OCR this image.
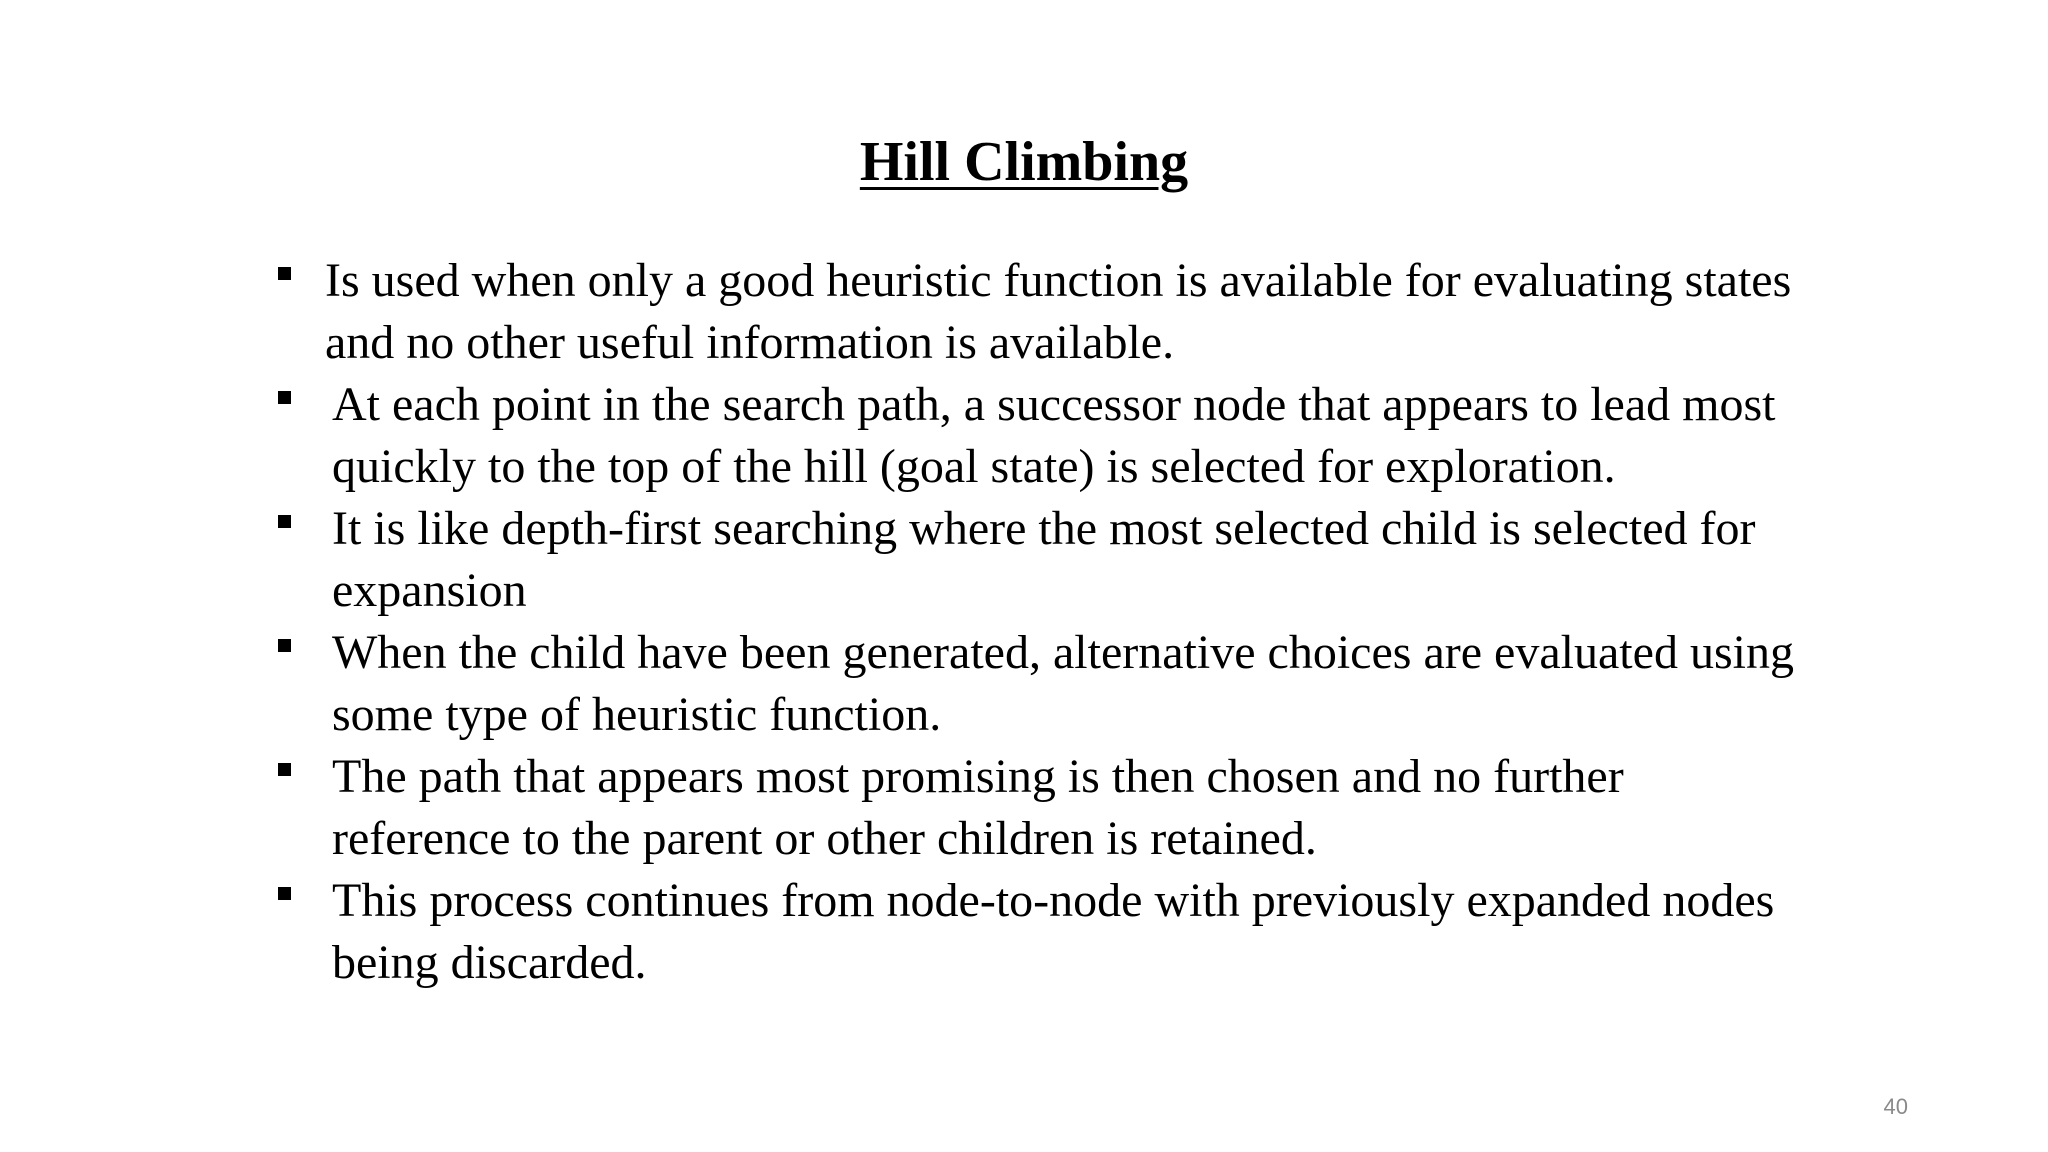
Hill Climbing
Is used when only a good heuristic function is available for evaluating states and no other useful information is available.
At each point in the search path, a successor node that appears to lead most quickly to the top of the hill (goal state) is selected for exploration.
It is like depth-first searching where the most selected child is selected for expansion
When the child have been generated, alternative choices are evaluated using some type of heuristic function.
The path that appears most promising is then chosen and no further reference to the parent or other children is retained.
This process continues from node-to-node with previously expanded nodes being discarded.
40
